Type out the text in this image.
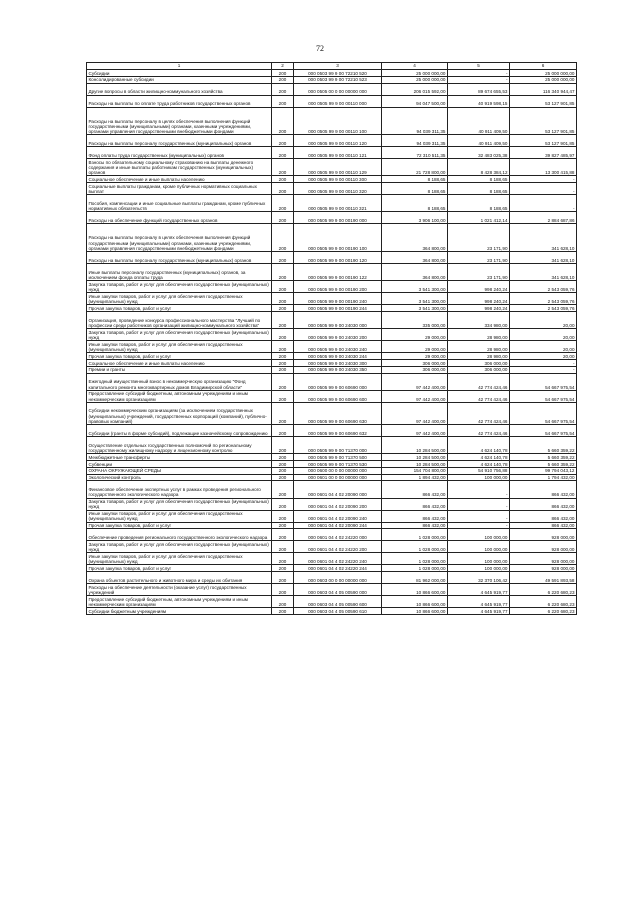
72
1	2	3	4	5	6
Субсидии	200	000 0503 99 9 00 72210 520	25 000 000,00	-	25 000 000,00
Консолидированные субсидии	200	000 0503 99 9 00 72210 523	25 000 000,00	-	25 000 000,00
Другие вопросы в области жилищно-коммунального хозяйства	200	000 0505 00 0 00 00000 000	206 015 592,00	89 674 655,53	116 340 944,47
Расходы на выплаты по оплате труда работников государственных органов	200	000 0505 99 9 00 00110 000	94 047 500,00	40 919 598,15	53 127 901,85
Расходы на выплаты персоналу в целях обеспечения выполнения функций государственными (муниципальными) органами, казенными учреждениями, органами управления государственными внебюджетными фондами	200	000 0505 99 9 00 00110 100	94 039 311,35	40 911 409,50	53 127 901,85
Расходы на выплаты персоналу государственных (муниципальных) органов	200	000 0505 99 9 00 00110 120	94 039 311,35	40 911 409,50	53 127 901,85
Фонд оплаты труда государственных (муниципальных) органов	200	000 0505 99 9 00 00110 121	72 310 511,35	32 483 025,38	39 827 485,97
Взносы по обязательному социальному страхованию на выплаты денежного содержания и иные выплаты работникам государственных (муниципальных) органов	200	000 0505 99 9 00 00110 129	21 728 800,00	8 428 384,12	13 300 415,88
Социальное обеспечение и иные выплаты населению	200	000 0505 99 9 00 00110 300	8 188,65	8 188,65	-
Социальные выплаты гражданам, кроме публичных нормативных социальных выплат	200	000 0505 99 9 00 00110 320	8 188,65	8 188,65	-
Пособия, компенсации и иные социальные выплаты гражданам, кроме публичных нормативных обязательств	200	000 0505 99 9 00 00110 321	8 188,65	8 188,65	-
Расходы на обеспечение функций государственных органов	200	000 0505 99 9 00 00190 000	3 906 100,00	1 021 412,14	2 884 687,86
Расходы на выплаты персоналу в целях обеспечения выполнения функций государственными (муниципальными) органами, казенными учреждениями, органами управления государственными внебюджетными фондами	200	000 0505 99 9 00 00190 100	364 800,00	23 171,90	341 628,10
Расходы на выплаты персоналу государственных (муниципальных) органов	200	000 0505 99 9 00 00190 120	364 800,00	23 171,90	341 628,10
Иные выплаты персоналу государственных (муниципальных) органов, за исключением фонда оплаты труда	200	000 0505 99 9 00 00190 122	364 800,00	23 171,90	341 628,10
Закупка товаров, работ и услуг для обеспечения государственных (муниципальных) нужд	200	000 0505 99 9 00 00190 200	3 541 300,00	998 240,24	2 543 059,76
Иные закупки товаров, работ и услуг для обеспечения государственных (муниципальных) нужд	200	000 0505 99 9 00 00190 240	3 541 300,00	998 240,24	2 543 059,76
Прочая закупка товаров, работ и услуг	200	000 0505 99 9 00 00190 244	3 541 300,00	998 240,24	2 543 059,76
Организация, проведение конкурса профессионального мастерства "Лучший по профессии среди работников организаций жилищно-коммунального хозяйства"	200	000 0505 99 9 00 24030 000	335 000,00	334 980,00	20,00
Закупка товаров, работ и услуг для обеспечения государственных (муниципальных) нужд	200	000 0505 99 9 00 24030 200	29 000,00	28 980,00	20,00
Иные закупки товаров, работ и услуг для обеспечения государственных (муниципальных) нужд	200	000 0505 99 9 00 24030 240	29 000,00	28 980,00	20,00
Прочая закупка товаров, работ и услуг	200	000 0505 99 9 00 24030 244	29 000,00	28 980,00	20,00
Социальное обеспечение и иные выплаты населению	200	000 0505 99 9 00 24030 300	306 000,00	306 000,00	-
Премии и гранты	200	000 0505 99 9 00 24030 350	306 000,00	306 000,00	-
Ежегодный имущественный взнос в некоммерческую организацию "Фонд капитального ремонта многоквартирных домов Владимирской области"	200	000 0505 99 9 00 60690 000	97 442 400,00	42 774 424,46	54 667 975,54
Предоставление субсидий бюджетным, автономным учреждениям и иным некоммерческим организациям	200	000 0505 99 9 00 60690 600	97 442 400,00	42 774 424,46	54 667 975,54
Субсидии некоммерческим организациям (за исключением государственных (муниципальных) учреждений, государственных корпораций (компаний), публично-правовых компаний)	200	000 0505 99 9 00 60690 630	97 442 400,00	42 774 424,46	54 667 975,54
Субсидии (гранты в форме субсидий), подлежащие казначейскому сопровождению	200	000 0505 99 9 00 60690 632	97 442 400,00	42 774 424,46	54 667 975,54
Осуществление отдельных государственных полномочий по региональному государственному жилищному надзору и лицензионному контролю	200	000 0505 99 9 00 71370 000	10 284 500,00	4 624 140,78	5 660 359,22
Межбюджетные трансферты	200	000 0505 99 9 00 71370 500	10 284 500,00	4 624 140,78	5 660 359,22
Субвенции	200	000 0505 99 9 00 71370 530	10 284 500,00	4 624 140,78	5 660 359,22
ОХРАНА ОКРУЖАЮЩЕЙ СРЕДЫ	200	000 0600 00 0 00 00000 000	154 704 800,00	54 910 756,88	99 794 043,12
Экологический контроль	200	000 0601 00 0 00 00000 000	1 894 432,00	100 000,00	1 794 432,00
Финансовое обеспечение экспертных услуг в рамках проведения регионального государственного экологического надзора	200	000 0601 04 4 02 20090 000	866 432,00	-	866 432,00
Закупка товаров, работ и услуг для обеспечения государственных (муниципальных) нужд	200	000 0601 04 4 02 20090 200	866 432,00	-	866 432,00
Иные закупки товаров, работ и услуг для обеспечения государственных (муниципальных) нужд	200	000 0601 04 4 02 20090 240	866 432,00	-	866 432,00
Прочая закупка товаров, работ и услуг	200	000 0601 04 4 02 20090 244	866 432,00	-	866 432,00
Обеспечение проведения регионального государственного экологического надзора	200	000 0601 04 4 02 24220 000	1 028 000,00	100 000,00	928 000,00
Закупка товаров, работ и услуг для обеспечения государственных (муниципальных) нужд	200	000 0601 04 4 02 24220 200	1 028 000,00	100 000,00	928 000,00
Иные закупки товаров, работ и услуг для обеспечения государственных (муниципальных) нужд	200	000 0601 04 4 02 24220 240	1 028 000,00	100 000,00	928 000,00
Прочая закупка товаров, работ и услуг	200	000 0601 04 4 02 24220 244	1 028 000,00	100 000,00	928 000,00
Охрана объектов растительного и животного мира и среды их обитания	200	000 0603 00 0 00 00000 000	81 962 000,00	32 370 106,42	49 591 893,58
Расходы на обеспечение деятельности (оказание услуг) государственных учреждений	200	000 0603 04 4 05 00590 000	10 866 600,00	4 645 919,77	6 220 680,23
Предоставление субсидий бюджетным, автономным учреждениям и иным некоммерческим организациям	200	000 0603 04 4 05 00590 600	10 866 600,00	4 645 919,77	6 220 680,23
Субсидии бюджетным учреждениям	200	000 0603 04 4 05 00590 610	10 866 600,00	4 645 919,77	6 220 680,23
